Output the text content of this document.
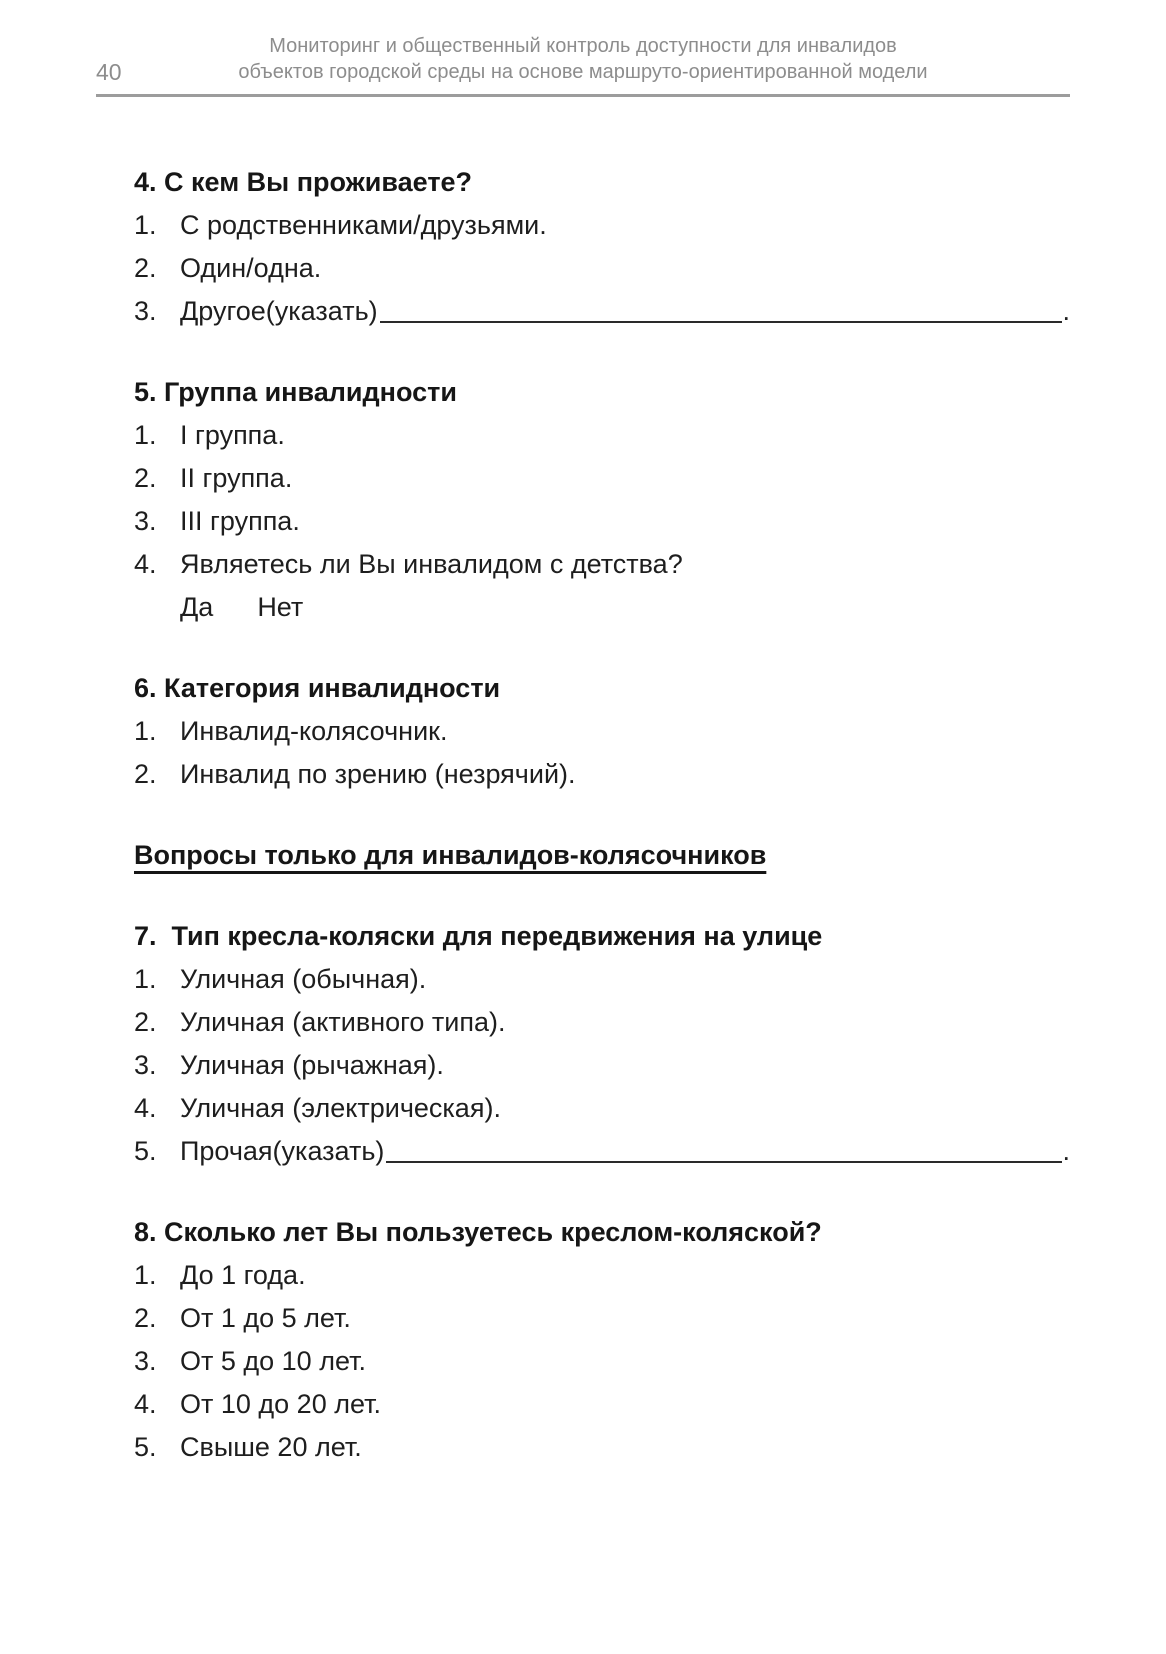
40
Мониторинг и общественный контроль доступности для инвалидов
объектов городской среды на основе маршруто-ориентированной модели
4. С кем Вы проживаете?
1. С родственниками/друзьями.
2. Один/одна.
3. Другое(указать)	.
5. Группа инвалидности
1. I группа.
2. II группа.
3. III группа.
4. Являетесь ли Вы инвалидом с детства?
Да Нет
6. Категория инвалидности
1. Инвалид-колясочник.
2. Инвалид по зрению (незрячий).
Вопросы только для инвалидов-колясочников
7.  Тип кресла-коляски для передвижения на улице
1. Уличная (обычная).
2. Уличная (активного типа).
3. Уличная (рычажная).
4. Уличная (электрическая).
5. Прочая(указать)	.
8. Сколько лет Вы пользуетесь креслом-коляской?
1. До 1 года.
2. От 1 до 5 лет.
3. От 5 до 10 лет.
4. От 10 до 20 лет.
5. Свыше 20 лет.
